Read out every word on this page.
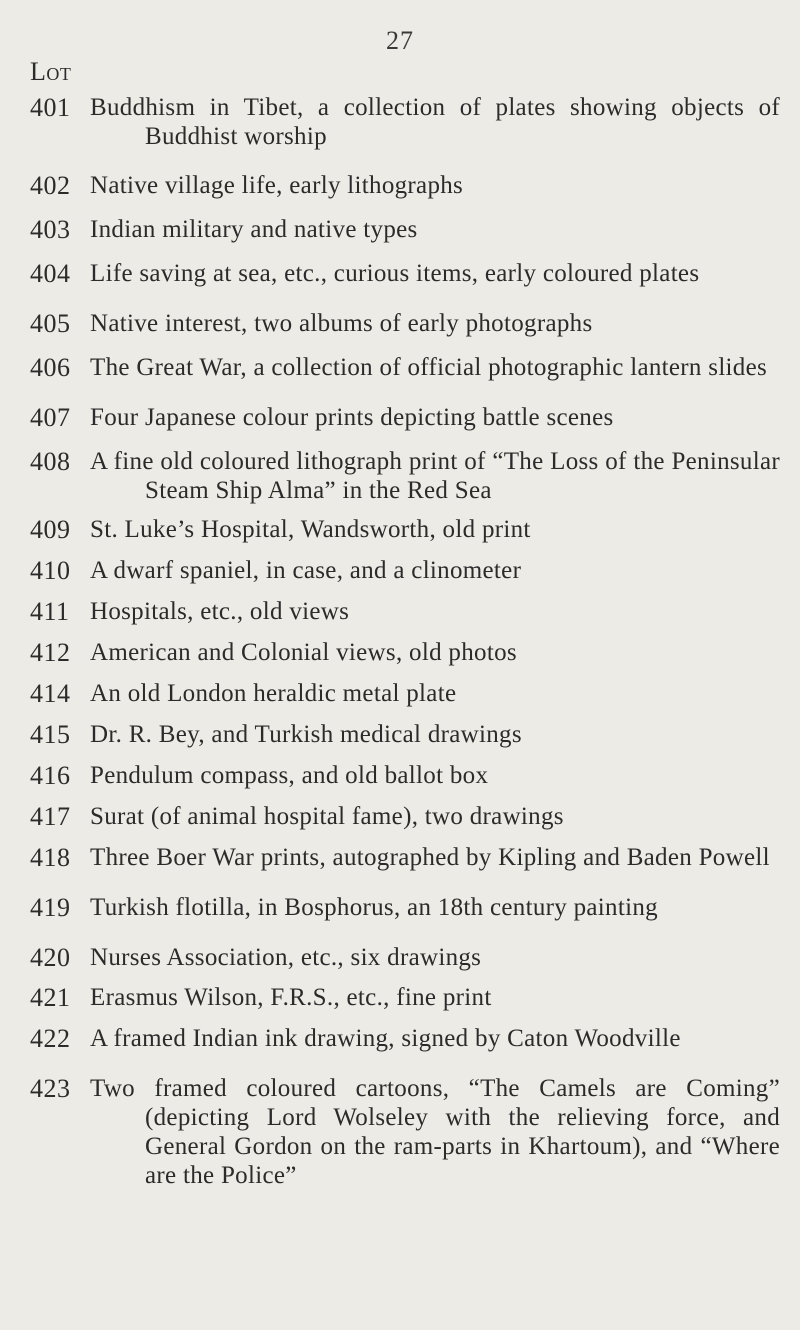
27
Lot
401 Buddhism in Tibet, a collection of plates showing objects of Buddhist worship
402 Native village life, early lithographs
403 Indian military and native types
404 Life saving at sea, etc., curious items, early coloured plates
405 Native interest, two albums of early photographs
406 The Great War, a collection of official photographic lantern slides
407 Four Japanese colour prints depicting battle scenes
408 A fine old coloured lithograph print of “The Loss of the Peninsular Steam Ship Alma” in the Red Sea
409 St. Luke’s Hospital, Wandsworth, old print
410 A dwarf spaniel, in case, and a clinometer
411 Hospitals, etc., old views
412 American and Colonial views, old photos
414 An old London heraldic metal plate
415 Dr. R. Bey, and Turkish medical drawings
416 Pendulum compass, and old ballot box
417 Surat (of animal hospital fame), two drawings
418 Three Boer War prints, autographed by Kipling and Baden Powell
419 Turkish flotilla, in Bosphorus, an 18th century painting
420 Nurses Association, etc., six drawings
421 Erasmus Wilson, F.R.S., etc., fine print
422 A framed Indian ink drawing, signed by Caton Woodville
423 Two framed coloured cartoons, “The Camels are Coming” (depicting Lord Wolseley with the relieving force, and General Gordon on the ram-parts in Khartoum), and “Where are the Police”
